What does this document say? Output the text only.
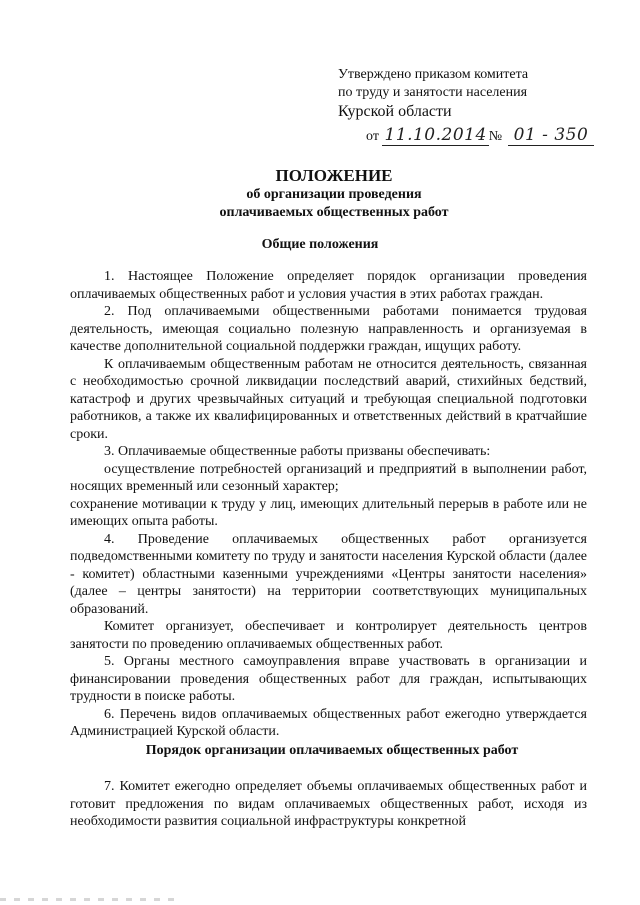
Утверждено приказом комитета
по труду и занятости населения
Курской области
от 11.10.2014 № 01 - 350
ПОЛОЖЕНИЕ
об организации проведения
оплачиваемых общественных работ
Общие положения

1. Настоящее Положение определяет порядок организации проведения оплачиваемых общественных работ и условия участия в этих работах граждан.

2. Под оплачиваемыми общественными работами понимается трудовая деятельность, имеющая социально полезную направленность и организуемая в качестве дополнительной социальной поддержки граждан, ищущих работу.

К оплачиваемым общественным работам не относится деятельность, связанная с необходимостью срочной ликвидации последствий аварий, стихийных бедствий, катастроф и других чрезвычайных ситуаций и требующая специальной подготовки работников, а также их квалифицированных и ответственных действий в кратчайшие сроки.

3. Оплачиваемые общественные работы призваны обеспечивать:

осуществление потребностей организаций и предприятий в выполнении работ, носящих временный или сезонный характер;

сохранение мотивации к труду у лиц, имеющих длительный перерыв в работе или не имеющих опыта работы.

4. Проведение оплачиваемых общественных работ организуется подведомственными комитету по труду и занятости населения Курской области (далее - комитет) областными казенными учреждениями «Центры занятости населения» (далее – центры занятости) на территории соответствующих муниципальных образований.

Комитет организует, обеспечивает и контролирует деятельность центров занятости по проведению оплачиваемых общественных работ.

5. Органы местного самоуправления вправе участвовать в организации и финансировании проведения общественных работ для граждан, испытывающих трудности в поиске работы.

6. Перечень видов оплачиваемых общественных работ ежегодно утверждается Администрацией Курской области.

Порядок организации оплачиваемых общественных работ

7. Комитет ежегодно определяет объемы оплачиваемых общественных работ и готовит предложения по видам оплачиваемых общественных работ, исходя из необходимости развития социальной инфраструктуры конкретной
